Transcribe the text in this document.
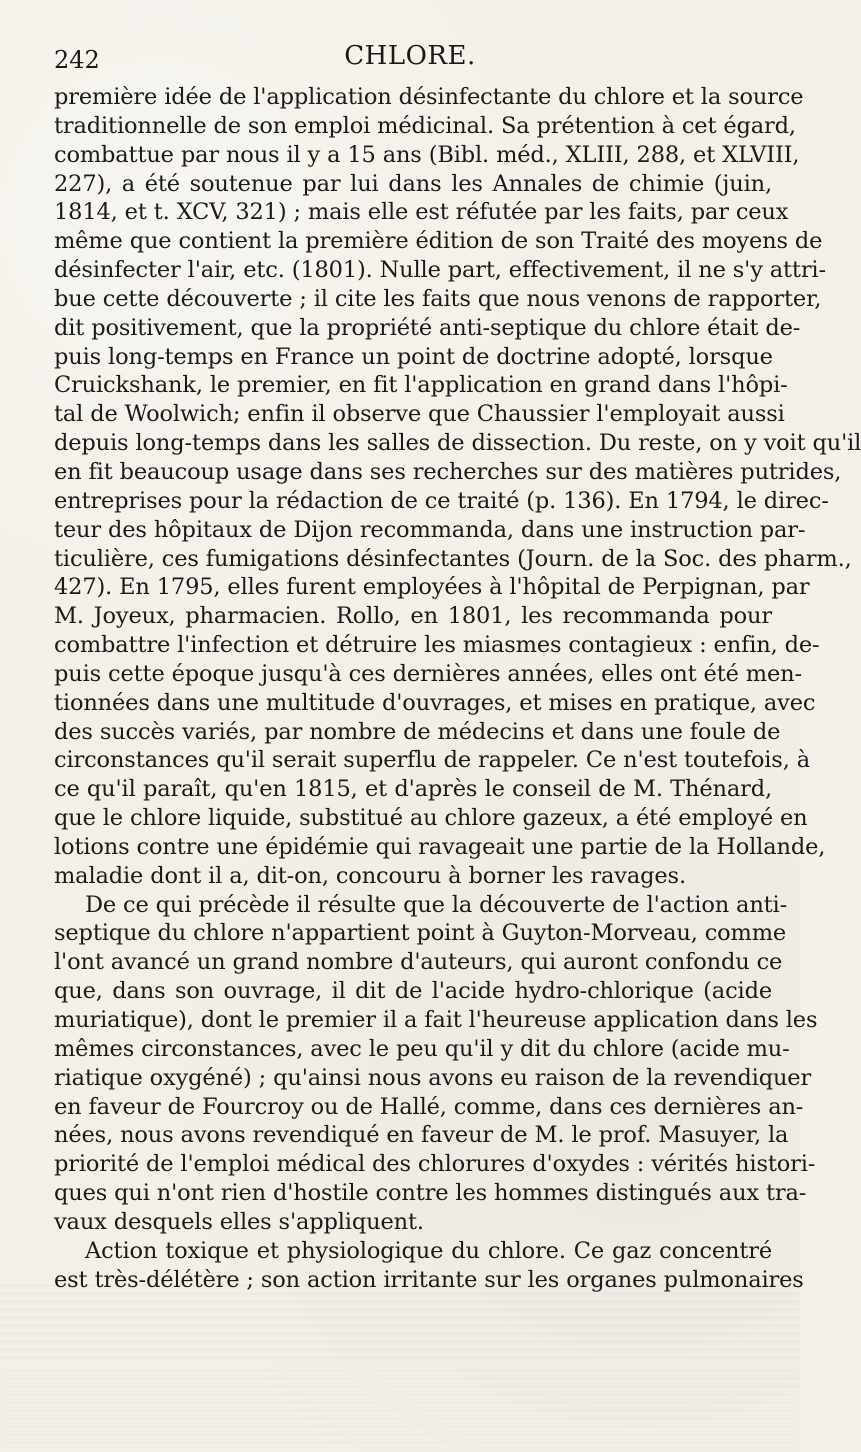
242	CHLORE.
première idée de l'application désinfectante du chlore et la source
traditionnelle de son emploi médicinal. Sa prétention à cet égard,
combattue par nous il y a 15 ans (Bibl. méd., XLIII, 288, et XLVIII,
227), a été soutenue par lui dans les Annales de chimie (juin,
1814, et t. XCV, 321) ; mais elle est réfutée par les faits, par ceux
même que contient la première édition de son Traité des moyens de
désinfecter l'air, etc. (1801). Nulle part, effectivement, il ne s'y attri-
bue cette découverte ; il cite les faits que nous venons de rapporter,
dit positivement, que la propriété anti-septique du chlore était de-
puis long-temps en France un point de doctrine adopté, lorsque
Cruickshank, le premier, en fit l'application en grand dans l'hôpi-
tal de Woolwich; enfin il observe que Chaussier l'employait aussi
depuis long-temps dans les salles de dissection. Du reste, on y voit qu'il
en fit beaucoup usage dans ses recherches sur des matières putrides,
entreprises pour la rédaction de ce traité (p. 136). En 1794, le direc-
teur des hôpitaux de Dijon recommanda, dans une instruction par-
ticulière, ces fumigations désinfectantes (Journ. de la Soc. des pharm.,
427). En 1795, elles furent employées à l'hôpital de Perpignan, par
M. Joyeux, pharmacien. Rollo, en 1801, les recommanda pour
combattre l'infection et détruire les miasmes contagieux : enfin, de-
puis cette époque jusqu'à ces dernières années, elles ont été men-
tionnées dans une multitude d'ouvrages, et mises en pratique, avec
des succès variés, par nombre de médecins et dans une foule de
circonstances qu'il serait superflu de rappeler. Ce n'est toutefois, à
ce qu'il paraît, qu'en 1815, et d'après le conseil de M. Thénard,
que le chlore liquide, substitué au chlore gazeux, a été employé en
lotions contre une épidémie qui ravageait une partie de la Hollande,
maladie dont il a, dit-on, concouru à borner les ravages.
De ce qui précède il résulte que la découverte de l'action anti-
septique du chlore n'appartient point à Guyton-Morveau, comme
l'ont avancé un grand nombre d'auteurs, qui auront confondu ce
que, dans son ouvrage, il dit de l'acide hydro-chlorique (acide
muriatique), dont le premier il a fait l'heureuse application dans les
mêmes circonstances, avec le peu qu'il y dit du chlore (acide mu-
riatique oxygéné) ; qu'ainsi nous avons eu raison de la revendiquer
en faveur de Fourcroy ou de Hallé, comme, dans ces dernières an-
nées, nous avons revendiqué en faveur de M. le prof. Masuyer, la
priorité de l'emploi médical des chlorures d'oxydes : vérités histori-
ques qui n'ont rien d'hostile contre les hommes distingués aux tra-
vaux desquels elles s'appliquent.
Action toxique et physiologique du chlore. Ce gaz concentré
est très-délétère ; son action irritante sur les organes pulmonaires
